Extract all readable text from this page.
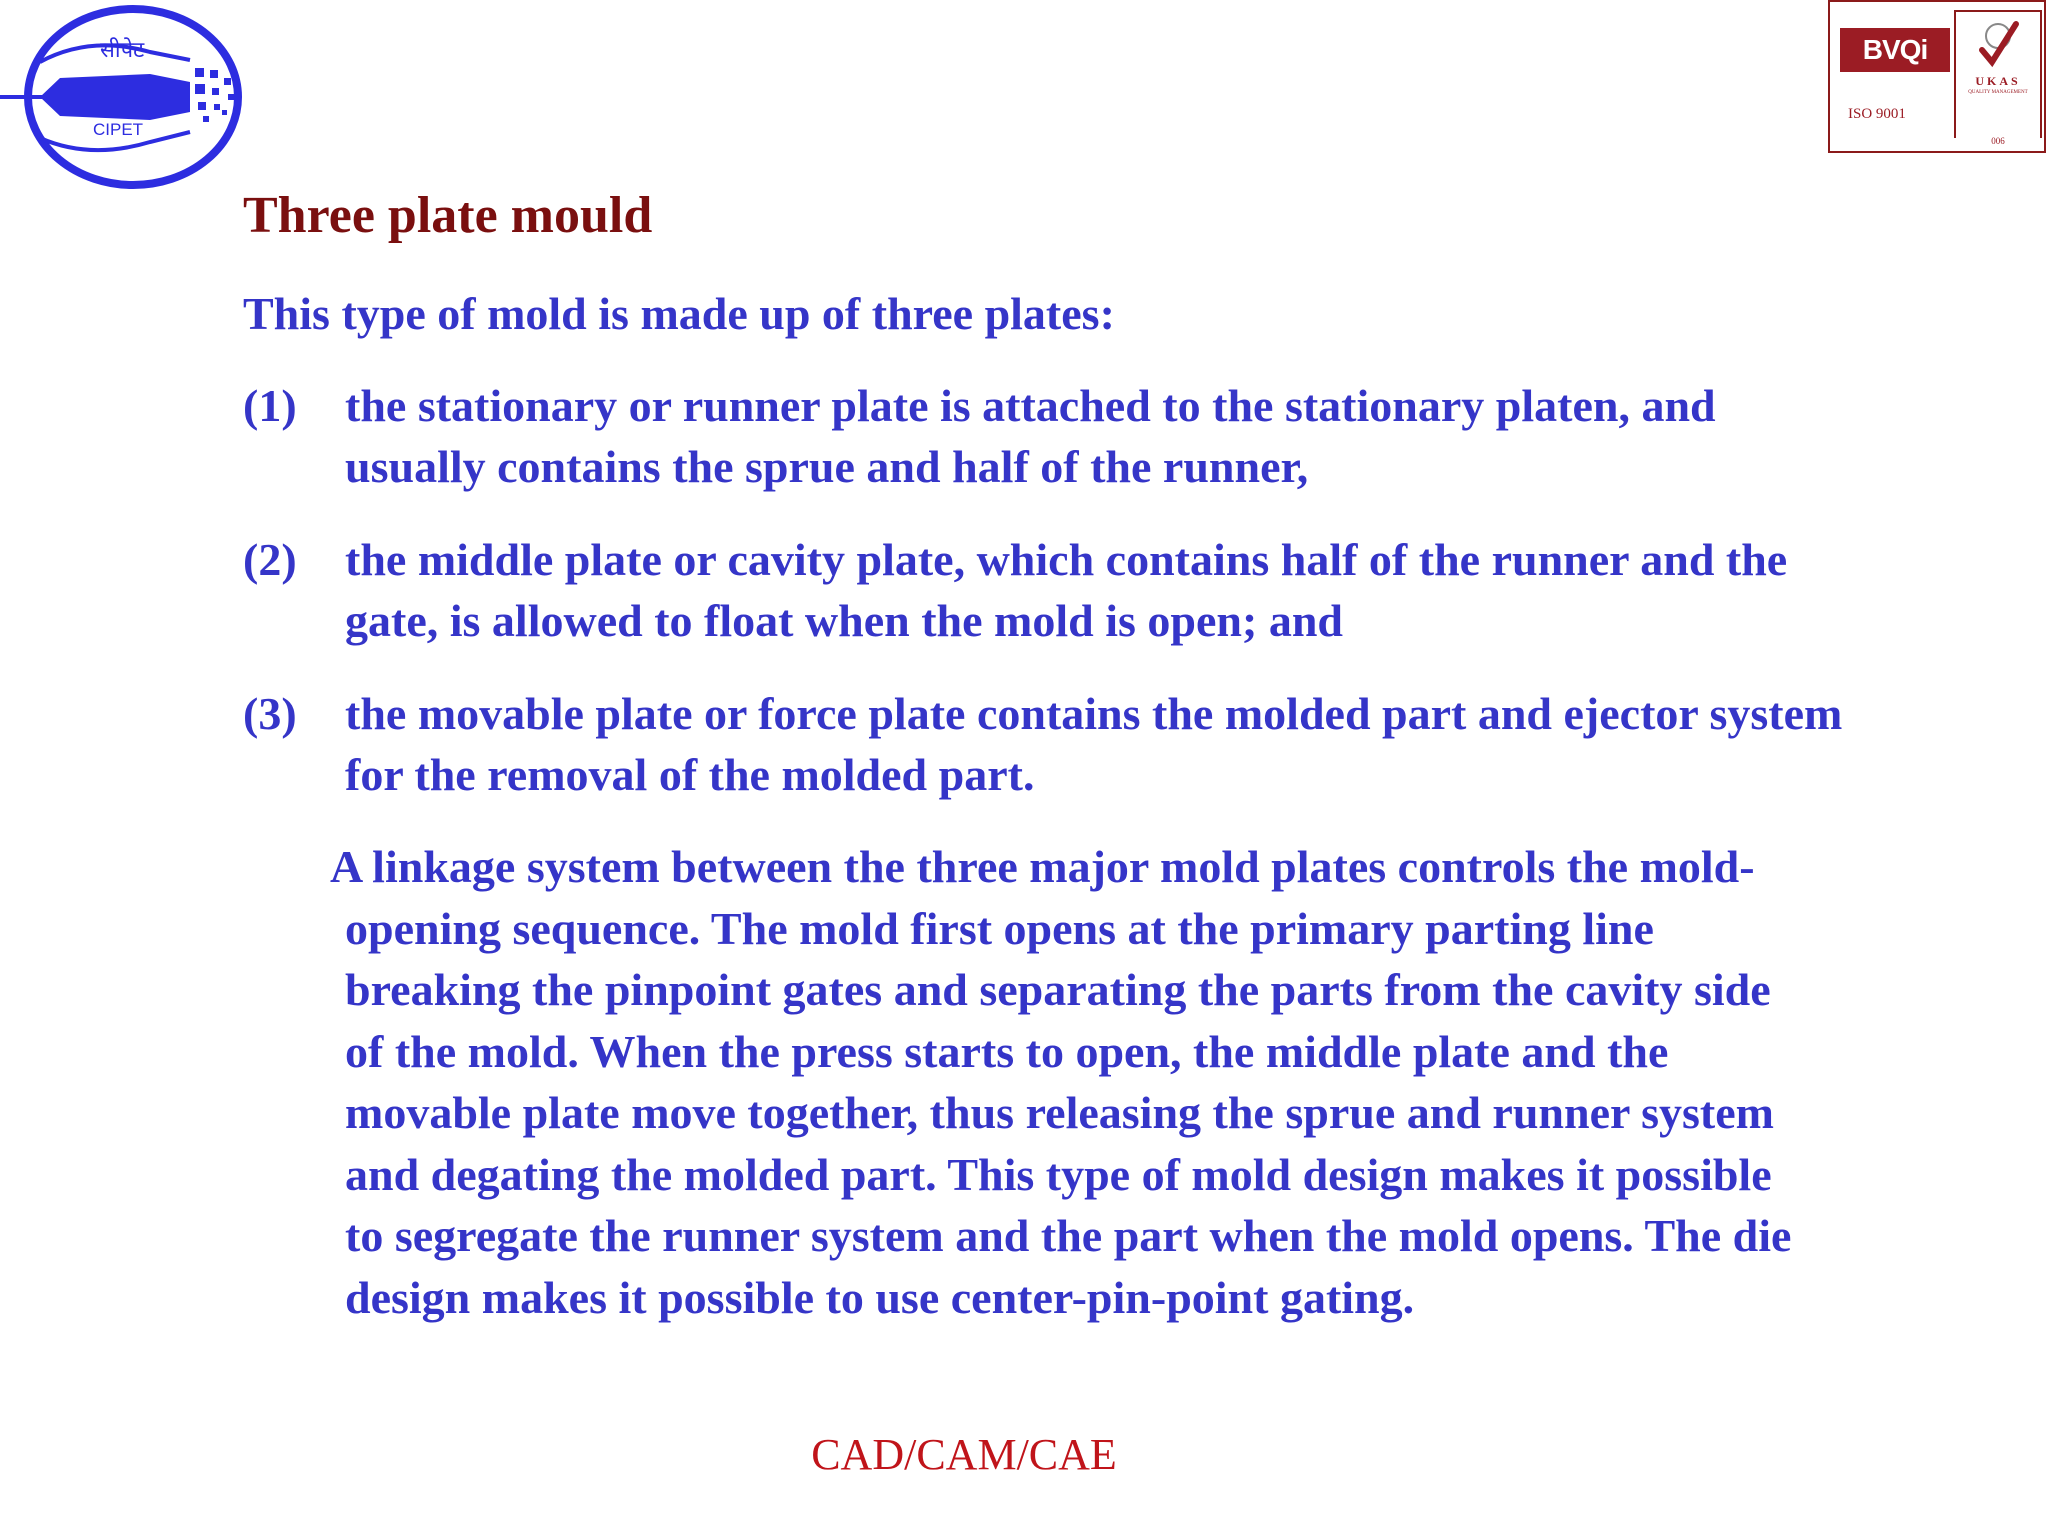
सीपेट
CIPET
BVQi
ISO 9001
UKAS
QUALITY MANAGEMENT
006
Three plate mould

This type of mold is made up of three plates:

(1) the stationary or runner plate is attached to the stationary platen, and usually contains the sprue and half of the runner,
(2) the middle plate or cavity plate, which contains half of the runner and the gate, is allowed to float when the mold is open; and
(3) the movable plate or force plate contains the molded part and ejector system for the removal of the molded part.

A linkage system between the three major mold plates controls the mold-opening sequence. The mold first opens at the primary parting line breaking the pinpoint gates and separating the parts from the cavity side of the mold. When the press starts to open, the middle plate and the movable plate move together, thus releasing the sprue and runner system and degating the molded part. This type of mold design makes it possible to segregate the runner system and the part when the mold opens. The die design makes it possible to use center-pin-point gating.

CAD/CAM/CAE
